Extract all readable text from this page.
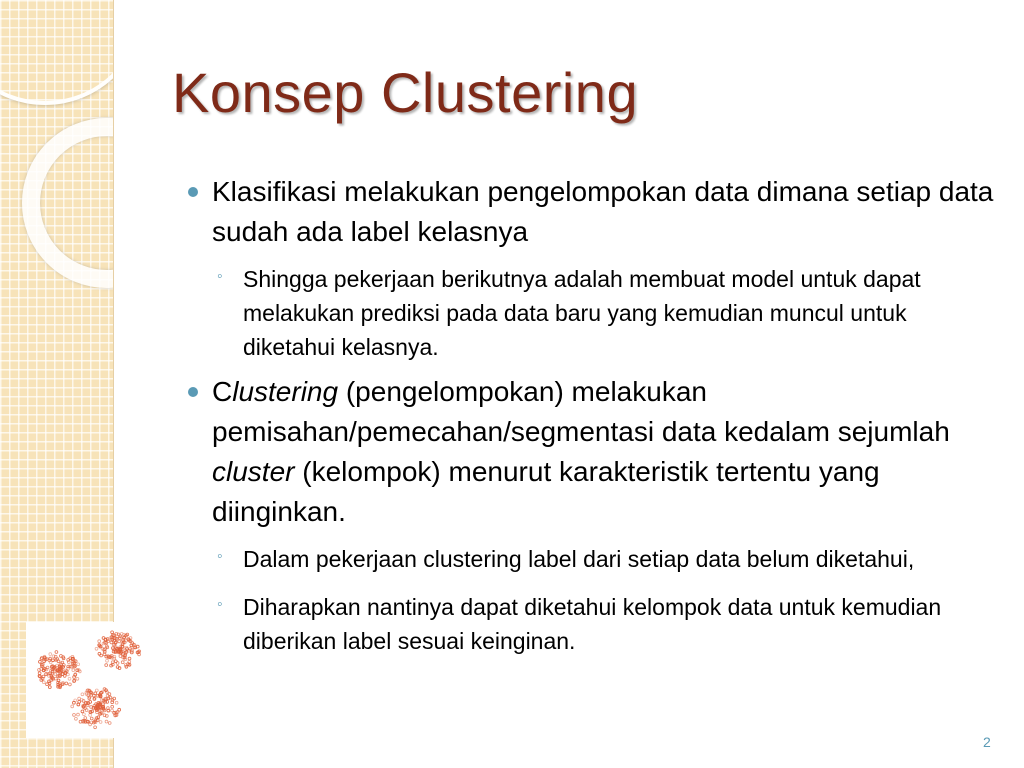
Konsep Clustering
Klasifikasi melakukan pengelompokan data dimana setiap data sudah ada label kelasnya
◦ Shingga pekerjaan berikutnya adalah membuat model untuk dapat melakukan prediksi pada data baru yang kemudian muncul untuk diketahui kelasnya.
Clustering (pengelompokan) melakukan pemisahan/pemecahan/segmentasi data kedalam sejumlah cluster (kelompok) menurut karakteristik tertentu yang diinginkan.
◦ Dalam pekerjaan clustering label dari setiap data belum diketahui,
◦ Diharapkan nantinya dapat diketahui kelompok data untuk kemudian diberikan label sesuai keinginan.
2
